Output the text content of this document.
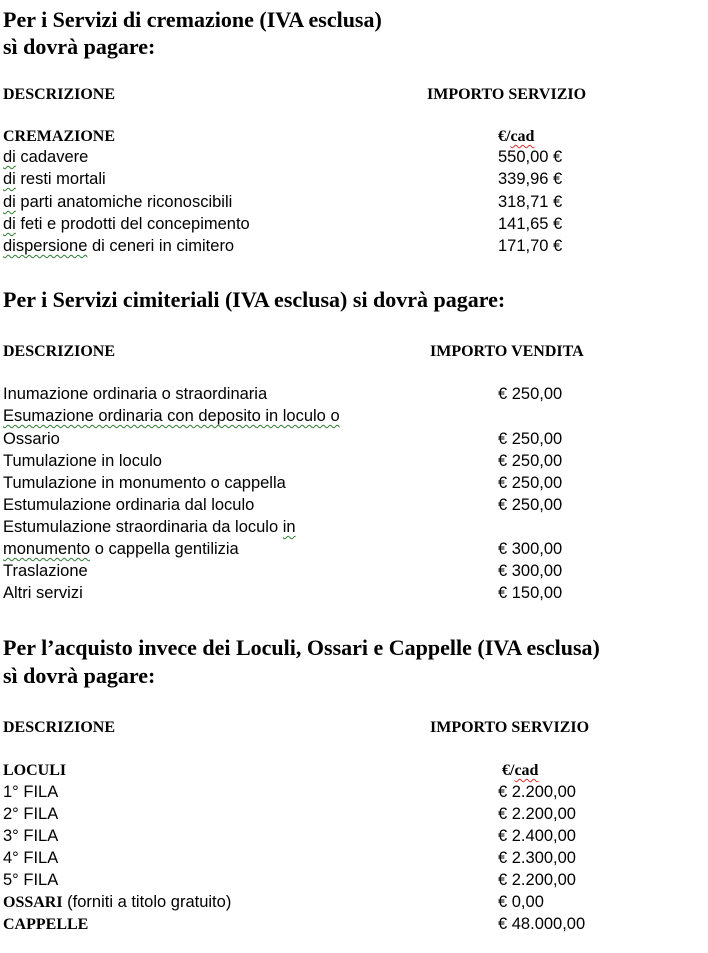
Per i Servizi di cremazione (IVA esclusa)
sì dovrà pagare:
DESCRIZIONE	IMPORTO SERVIZIO
CREMAZIONE	€/cad
di cadavere	550,00 €
di resti mortali	339,96 €
di parti anatomiche riconoscibili	318,71 €
di feti e prodotti del concepimento	141,65 €
dispersione di ceneri in cimitero	171,70 €
Per i Servizi cimiteriali (IVA esclusa) si dovrà pagare:
DESCRIZIONE	IMPORTO VENDITA
Inumazione ordinaria o straordinaria	€ 250,00
Esumazione ordinaria con deposito in loculo o
Ossario	€ 250,00
Tumulazione in loculo	€ 250,00
Tumulazione in monumento o cappella	€ 250,00
Estumulazione ordinaria dal loculo	€ 250,00
Estumulazione straordinaria da loculo in
monumento o cappella gentilizia	€ 300,00
Traslazione	€ 300,00
Altri servizi	€ 150,00
Per l’acquisto invece dei Loculi, Ossari e Cappelle (IVA esclusa)
sì dovrà pagare:
DESCRIZIONE	IMPORTO SERVIZIO
LOCULI	€/cad
1° FILA	€ 2.200,00
2° FILA	€ 2.200,00
3° FILA	€ 2.400,00
4° FILA	€ 2.300,00
5° FILA	€ 2.200,00
OSSARI (forniti a titolo gratuito)	€ 0,00
CAPPELLE	€ 48.000,00
